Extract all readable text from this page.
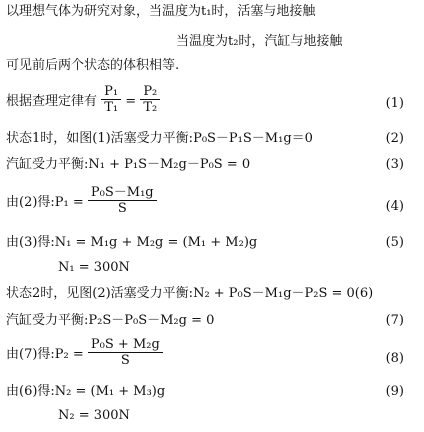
以理想气体为研究对象，当温度为t₁时，活塞与地接触
当温度为t₂时，汽缸与地接触
可见前后两个状态的体积相等.
根据查理定律有 $\frac{\text{P₁}}{\text{T₁}} = \frac{\text{P₂}}{\text{T₂}}$	(1)
状态1时，如图(1)活塞受力平衡:P₀S－P₁S－M₁g＝0	(2)
汽缸受力平衡:N₁ + P₁S－M₂g－P₀S = 0	(3)
由(2)得:P₁ = $\frac{\text{P₀S－M₁g}}{S}$	(4)
由(3)得:N₁ = M₁g + M₂g = (M₁ + M₂)g	(5)
N₁ = 300N
状态2时，见图(2)活塞受力平衡:N₂ + P₀S－M₁g－P₂S = 0(6)
汽缸受力平衡:P₂S－P₀S－M₂g = 0	(7)
由(7)得:P₂ = $\frac{\text{P₀S + M₂g}}{S}$	(8)
由(6)得:N₂ = (M₁ + M₃)g	(9)
N₂ = 300N
